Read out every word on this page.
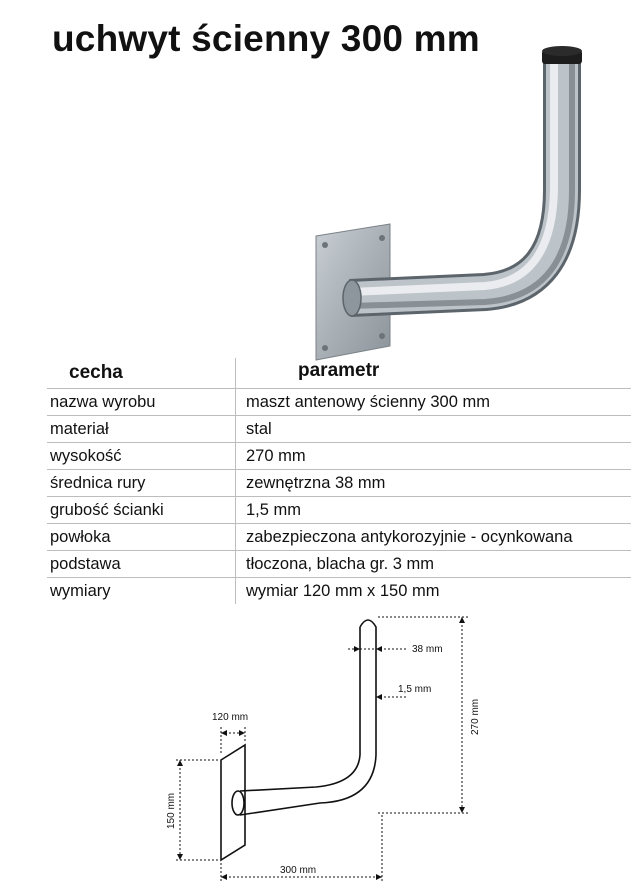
uchwyt ścienny 300 mm
cecha	parametr
nazwa wyrobu	maszt antenowy ścienny 300 mm
materiał	stal
wysokość	270 mm
średnica rury	zewnętrzna 38 mm
grubość ścianki	1,5 mm
powłoka	zabezpieczona antykorozyjnie - ocynkowana
podstawa	tłoczona, blacha gr. 3 mm
wymiary	wymiar 120 mm x 150 mm
38 mm
1,5 mm
270 mm
120 mm
150 mm
300 mm
